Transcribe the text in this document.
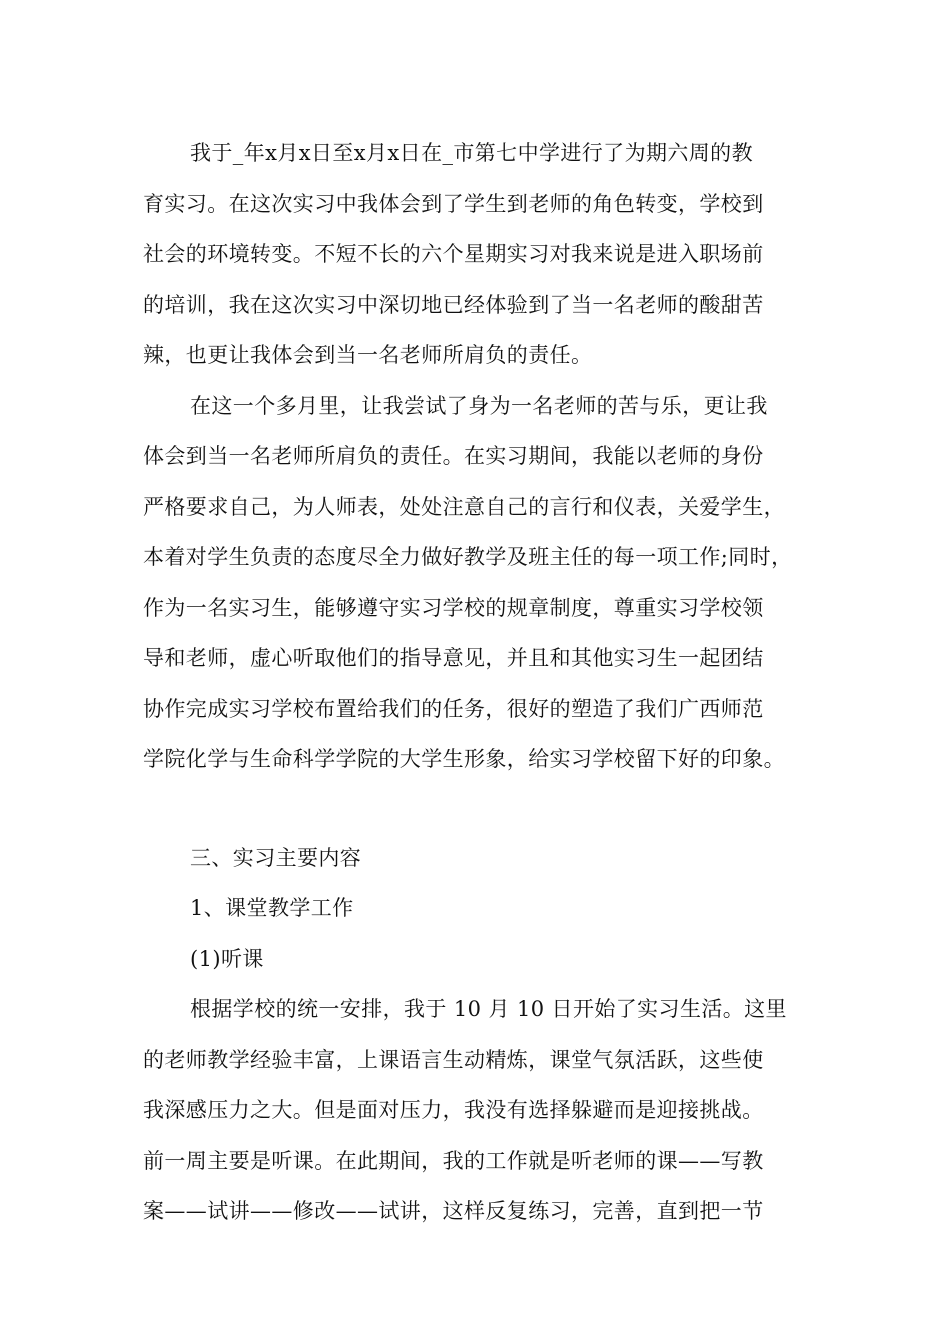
我于_年x月x日至x月x日在_市第七中学进行了为期六周的教
育实习。在这次实习中我体会到了学生到老师的角色转变，学校到
社会的环境转变。不短不长的六个星期实习对我来说是进入职场前
的培训，我在这次实习中深切地已经体验到了当一名老师的酸甜苦
辣，也更让我体会到当一名老师所肩负的责任。
在这一个多月里，让我尝试了身为一名老师的苦与乐，更让我
体会到当一名老师所肩负的责任。在实习期间，我能以老师的身份
严格要求自己，为人师表，处处注意自己的言行和仪表，关爱学生，
本着对学生负责的态度尽全力做好教学及班主任的每一项工作;同时，
作为一名实习生，能够遵守实习学校的规章制度，尊重实习学校领
导和老师，虚心听取他们的指导意见，并且和其他实习生一起团结
协作完成实习学校布置给我们的任务，很好的塑造了我们广西师范
学院化学与生命科学学院的大学生形象，给实习学校留下好的印象。
三、实习主要内容
1、课堂教学工作
(1)听课
根据学校的统一安排，我于 10 月 10 日开始了实习生活。这里
的老师教学经验丰富，上课语言生动精炼，课堂气氛活跃，这些使
我深感压力之大。但是面对压力，我没有选择躲避而是迎接挑战。
前一周主要是听课。在此期间，我的工作就是听老师的课——写教
案——试讲——修改——试讲，这样反复练习，完善，直到把一节
